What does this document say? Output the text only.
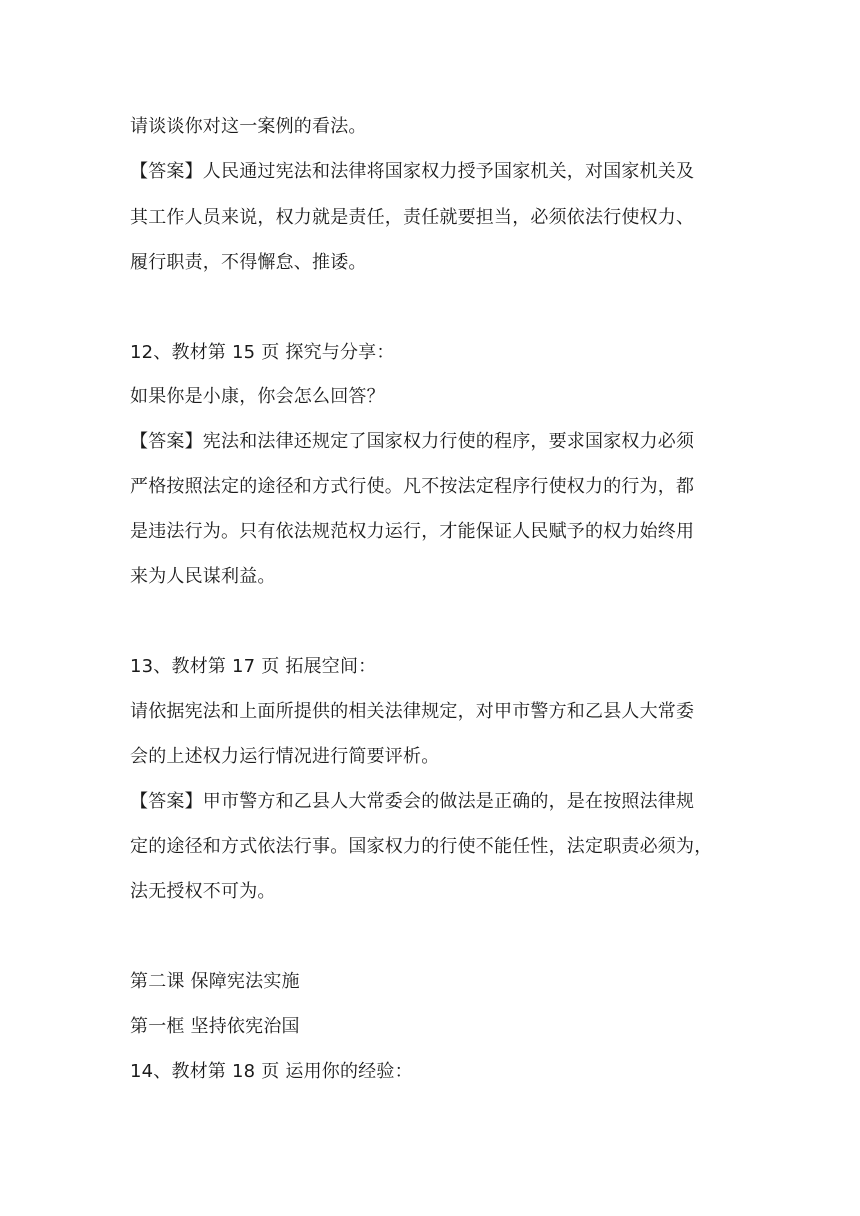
请谈谈你对这一案例的看法。
【答案】人民通过宪法和法律将国家权力授予国家机关，对国家机关及
其工作人员来说，权力就是责任，责任就要担当，必须依法行使权力、
履行职责，不得懈怠、推诿。
12、教材第 15 页 探究与分享：
如果你是小康，你会怎么回答？
【答案】宪法和法律还规定了国家权力行使的程序，要求国家权力必须
严格按照法定的途径和方式行使。凡不按法定程序行使权力的行为，都
是违法行为。只有依法规范权力运行，才能保证人民赋予的权力始终用
来为人民谋利益。
13、教材第 17 页 拓展空间：
请依据宪法和上面所提供的相关法律规定，对甲市警方和乙县人大常委
会的上述权力运行情况进行简要评析。
【答案】甲市警方和乙县人大常委会的做法是正确的，是在按照法律规
定的途径和方式依法行事。国家权力的行使不能任性，法定职责必须为，
法无授权不可为。
第二课 保障宪法实施
第一框 坚持依宪治国
14、教材第 18 页 运用你的经验：
